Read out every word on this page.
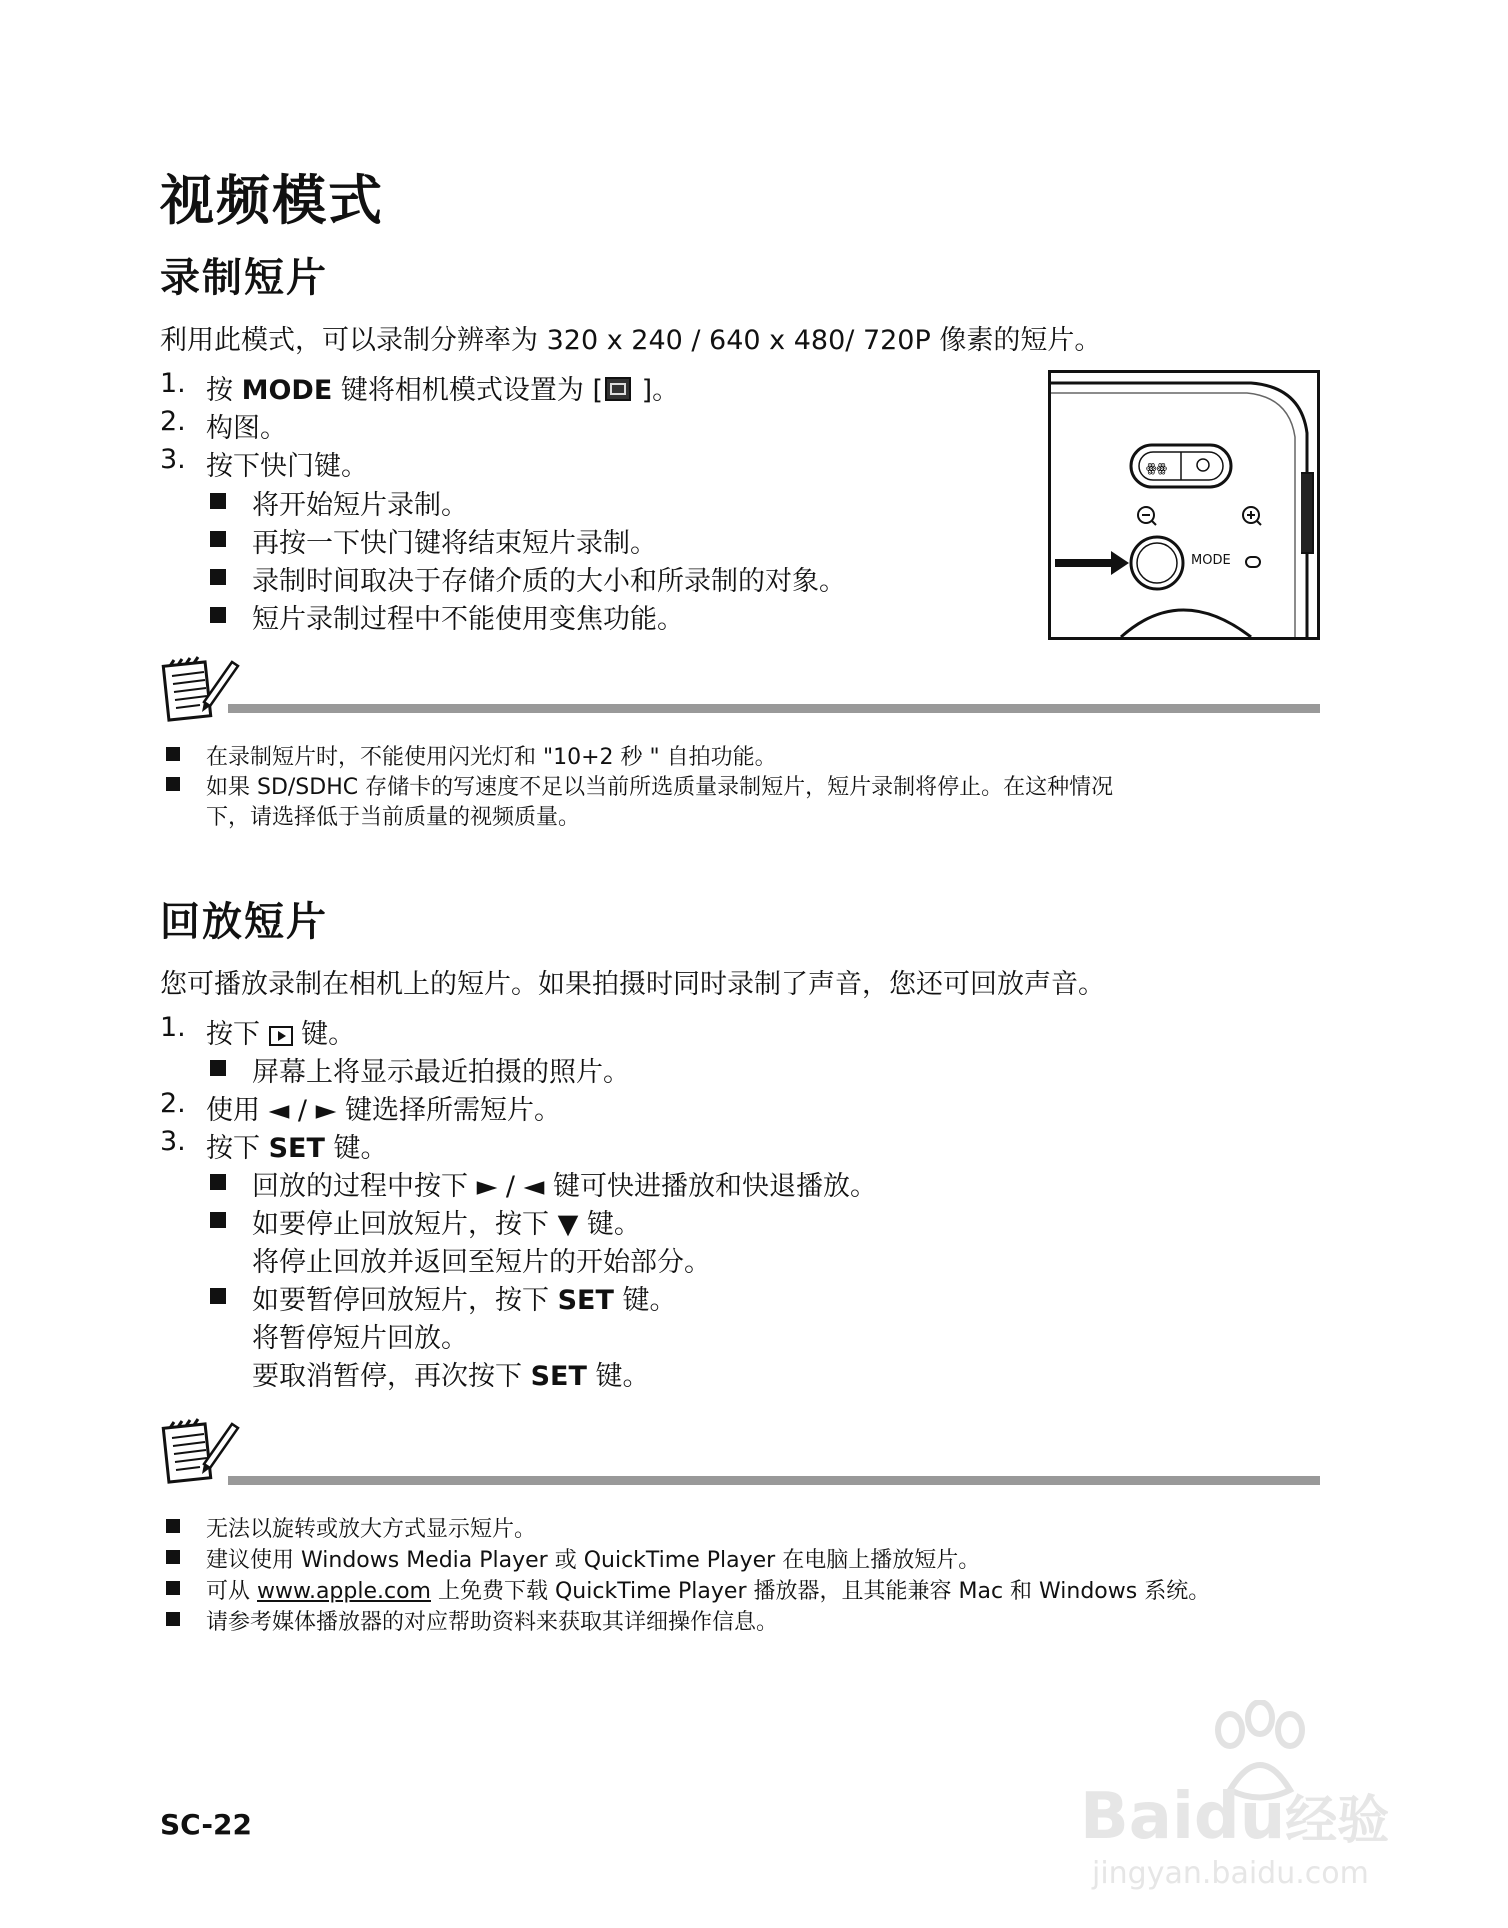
视频模式
录制短片
利用此模式，可以录制分辨率为 320 x 240 / 640 x 480/ 720P 像素的短片。
1. 按 MODE 键将相机模式设置为 [
]。
2. 构图。
3. 按下快门键。
将开始短片录制。
再按一下快门键将结束短片录制。
录制时间取决于存储介质的大小和所录制的对象。
短片录制过程中不能使用变焦功能。
ꙮꙮ
MODE
在录制短片时，不能使用闪光灯和 "10+2 秒 " 自拍功能。
如果 SD/SDHC 存储卡的写速度不足以当前所选质量录制短片，短片录制将停止。在这种情况
下，请选择低于当前质量的视频质量。
回放短片
您可播放录制在相机上的短片。如果拍摄时同时录制了声音，您还可回放声音。
1. 按下
键。
屏幕上将显示最近拍摄的照片。
2. 使用 ◄ / ► 键选择所需短片。
3. 按下 SET 键。
回放的过程中按下 ► / ◄ 键可快进播放和快退播放。
如要停止回放短片，按下 ▼ 键。
将停止回放并返回至短片的开始部分。
如要暂停回放短片，按下 SET 键。
将暂停短片回放。
要取消暂停，再次按下 SET 键。
无法以旋转或放大方式显示短片。
建议使用 Windows Media Player 或 QuickTime Player 在电脑上播放短片。
可从 www.apple.com 上免费下载 QuickTime Player 播放器，且其能兼容 Mac 和 Windows 系统。
请参考媒体播放器的对应帮助资料来获取其详细操作信息。
SC-22	Baidu经验
jingyan.baidu.com
